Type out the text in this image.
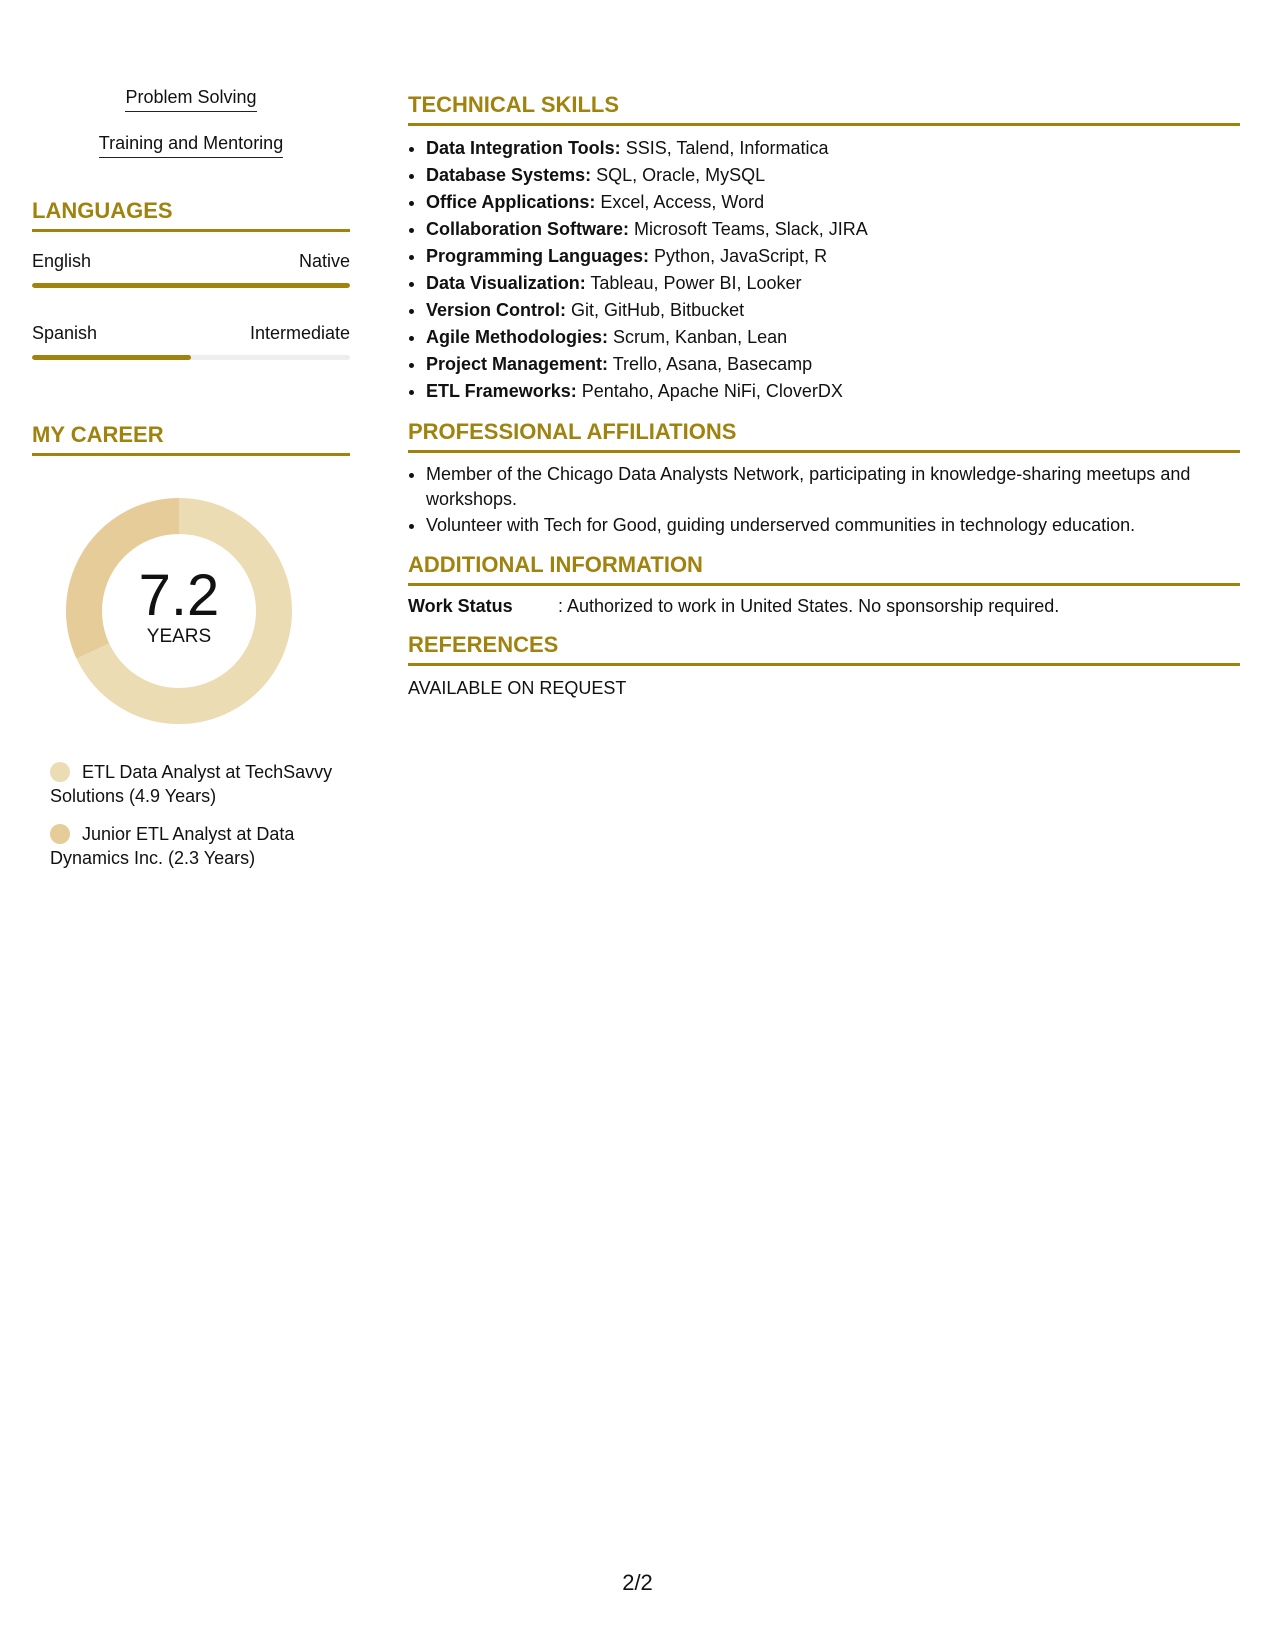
Problem Solving
Training and Mentoring
LANGUAGES
English	Native
Spanish	Intermediate
MY CAREER
7.2
YEARS
ETL Data Analyst at TechSavvy Solutions (4.9 Years)
Junior ETL Analyst at Data Dynamics Inc. (2.3 Years)
TECHNICAL SKILLS
• Data Integration Tools: SSIS, Talend, Informatica
• Database Systems: SQL, Oracle, MySQL
• Office Applications: Excel, Access, Word
• Collaboration Software: Microsoft Teams, Slack, JIRA
• Programming Languages: Python, JavaScript, R
• Data Visualization: Tableau, Power BI, Looker
• Version Control: Git, GitHub, Bitbucket
• Agile Methodologies: Scrum, Kanban, Lean
• Project Management: Trello, Asana, Basecamp
• ETL Frameworks: Pentaho, Apache NiFi, CloverDX
PROFESSIONAL AFFILIATIONS
• Member of the Chicago Data Analysts Network, participating in knowledge-sharing meetups and workshops.
• Volunteer with Tech for Good, guiding underserved communities in technology education.
ADDITIONAL INFORMATION
Work Status	: Authorized to work in United States. No sponsorship required.
REFERENCES
AVAILABLE ON REQUEST
2/2
